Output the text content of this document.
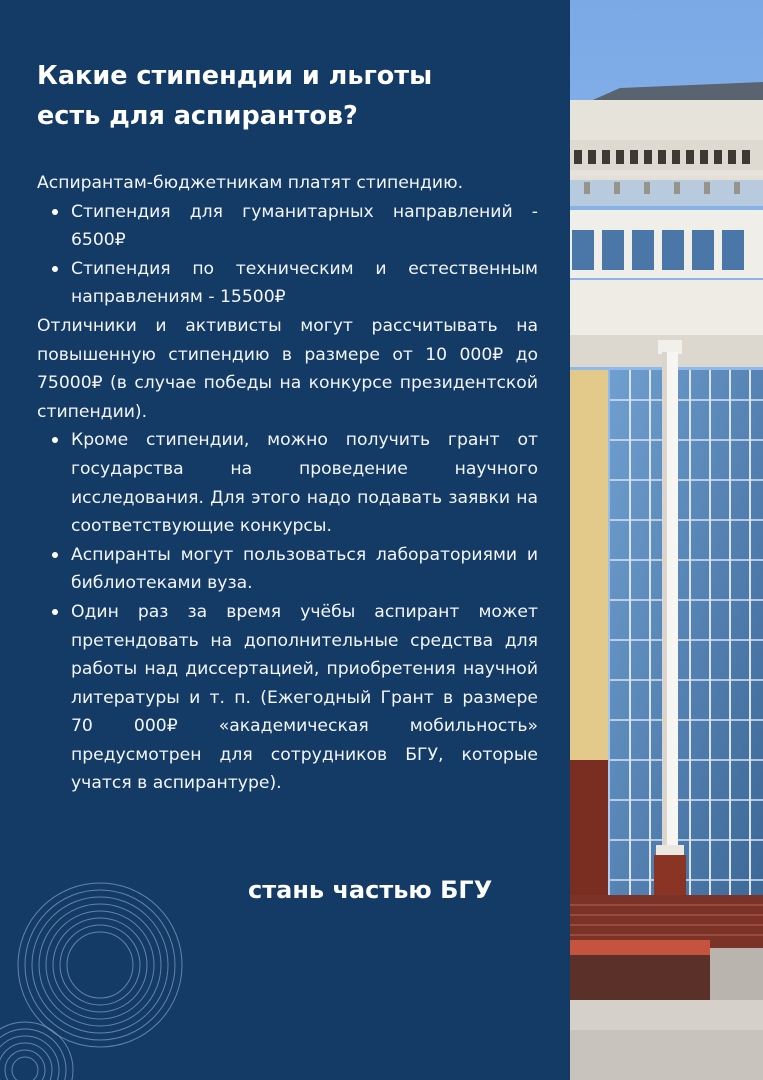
Какие стипендии и льготы
есть для аспирантов?

Аспирантам-бюджетникам платят стипендию.

Стипендия для гуманитарных направлений - 6500₽
Стипендия по техническим и естественным направлениям - 15500₽

Отличники и активисты могут рассчитывать на повышенную стипендию в размере от 10 000₽ до 75000₽ (в случае победы на конкурсе президентской стипендии).

Кроме стипендии, можно получить грант от государства на проведение научного исследования. Для этого надо подавать заявки на соответствующие конкурсы.
Аспиранты могут пользоваться лабораториями и библиотеками вуза.
Один раз за время учёбы аспирант может претендовать на дополнительные средства для работы над диссертацией, приобретения научной литературы и т. п. (Ежегодный Грант в размере 70 000₽ «академическая мобильность» предусмотрен для сотрудников БГУ, которые учатся в аспирантуре).
стань частью БГУ
